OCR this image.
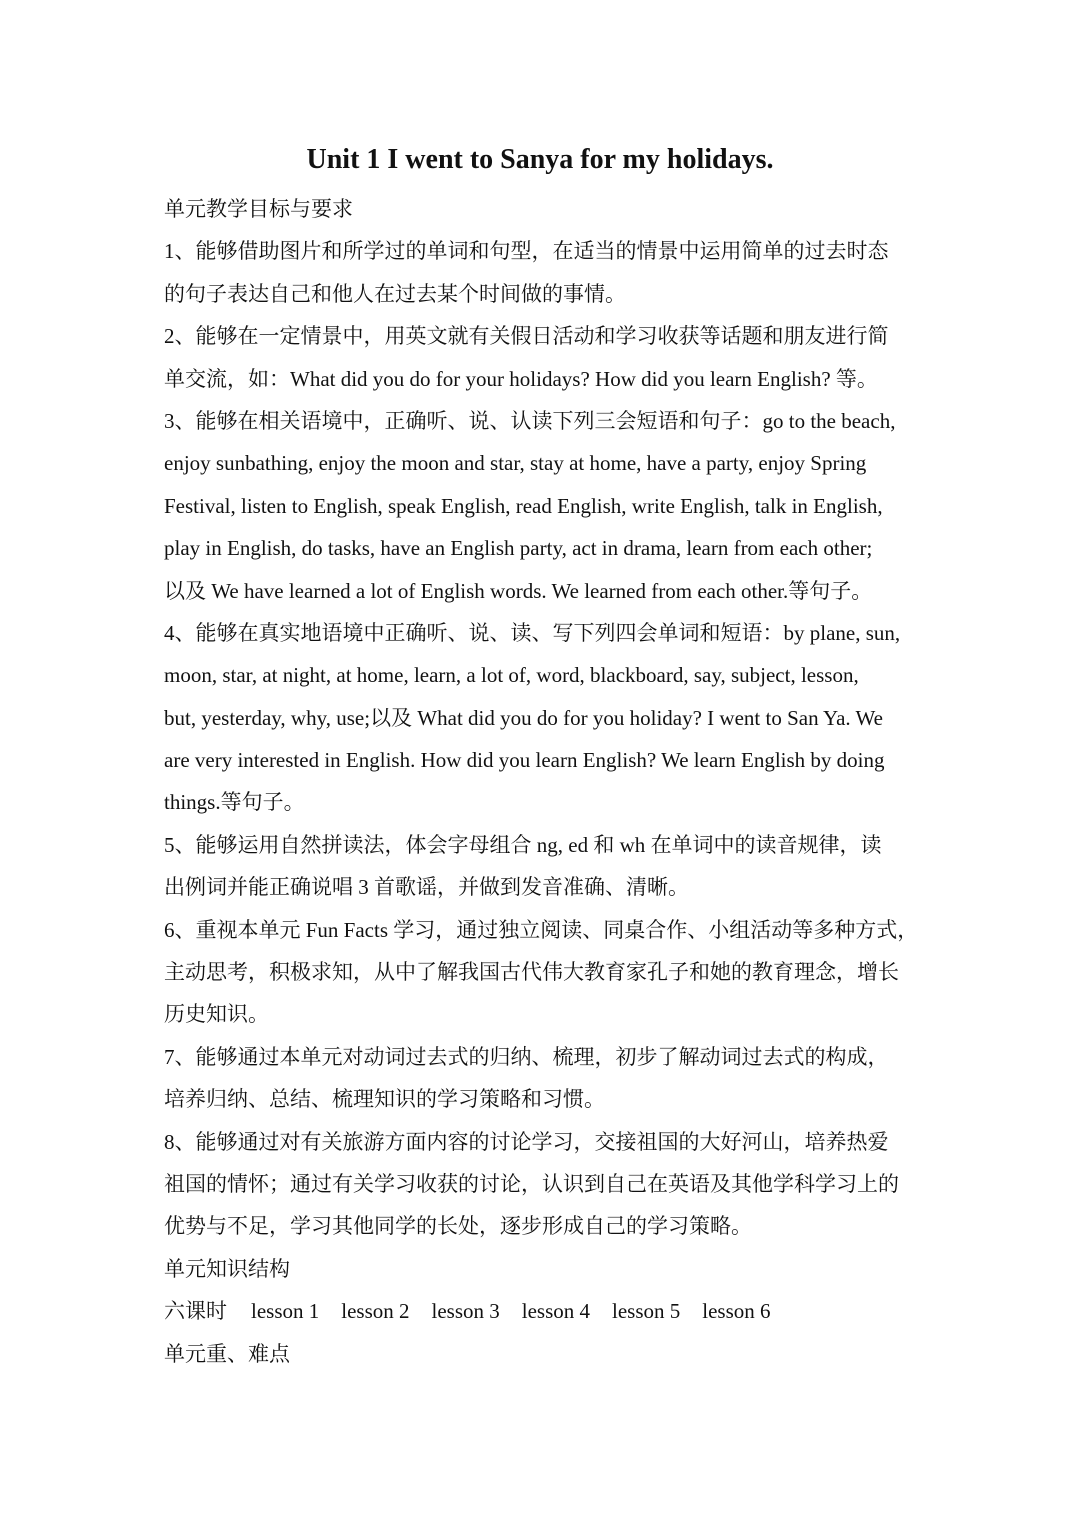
Unit 1 I went to Sanya for my holidays.
单元教学目标与要求
1、能够借助图片和所学过的单词和句型，在适当的情景中运用简单的过去时态
的句子表达自己和他人在过去某个时间做的事情。
2、能够在一定情景中，用英文就有关假日活动和学习收获等话题和朋友进行简
单交流，如：What did you do for your holidays? How did you learn English? 等。
3、能够在相关语境中，正确听、说、认读下列三会短语和句子：go to the beach,
enjoy sunbathing, enjoy the moon and star, stay at home, have a party, enjoy Spring
Festival, listen to English, speak English, read English, write English, talk in English,
play in English, do tasks, have an English party, act in drama, learn from each other;
以及 We have learned a lot of English words. We learned from each other.等句子。
4、能够在真实地语境中正确听、说、读、写下列四会单词和短语：by plane, sun,
moon, star, at night, at home, learn, a lot of, word, blackboard, say, subject, lesson,
but, yesterday, why, use;以及 What did you do for you holiday? I went to San Ya. We
are very interested in English. How did you learn English? We learn English by doing
things.等句子。
5、能够运用自然拼读法，体会字母组合 ng, ed 和 wh 在单词中的读音规律，读
出例词并能正确说唱 3 首歌谣，并做到发音准确、清晰。
6、重视本单元 Fun Facts 学习，通过独立阅读、同桌合作、小组活动等多种方式，
主动思考，积极求知，从中了解我国古代伟大教育家孔子和她的教育理念，增长
历史知识。
7、能够通过本单元对动词过去式的归纳、梳理，初步了解动词过去式的构成，
培养归纳、总结、梳理知识的学习策略和习惯。
8、能够通过对有关旅游方面内容的讨论学习，交接祖国的大好河山，培养热爱
祖国的情怀；通过有关学习收获的讨论，认识到自己在英语及其他学科学习上的
优势与不足，学习其他同学的长处，逐步形成自己的学习策略。
单元知识结构
六课时 lesson 1 lesson 2 lesson 3 lesson 4 lesson 5 lesson 6
单元重、难点
